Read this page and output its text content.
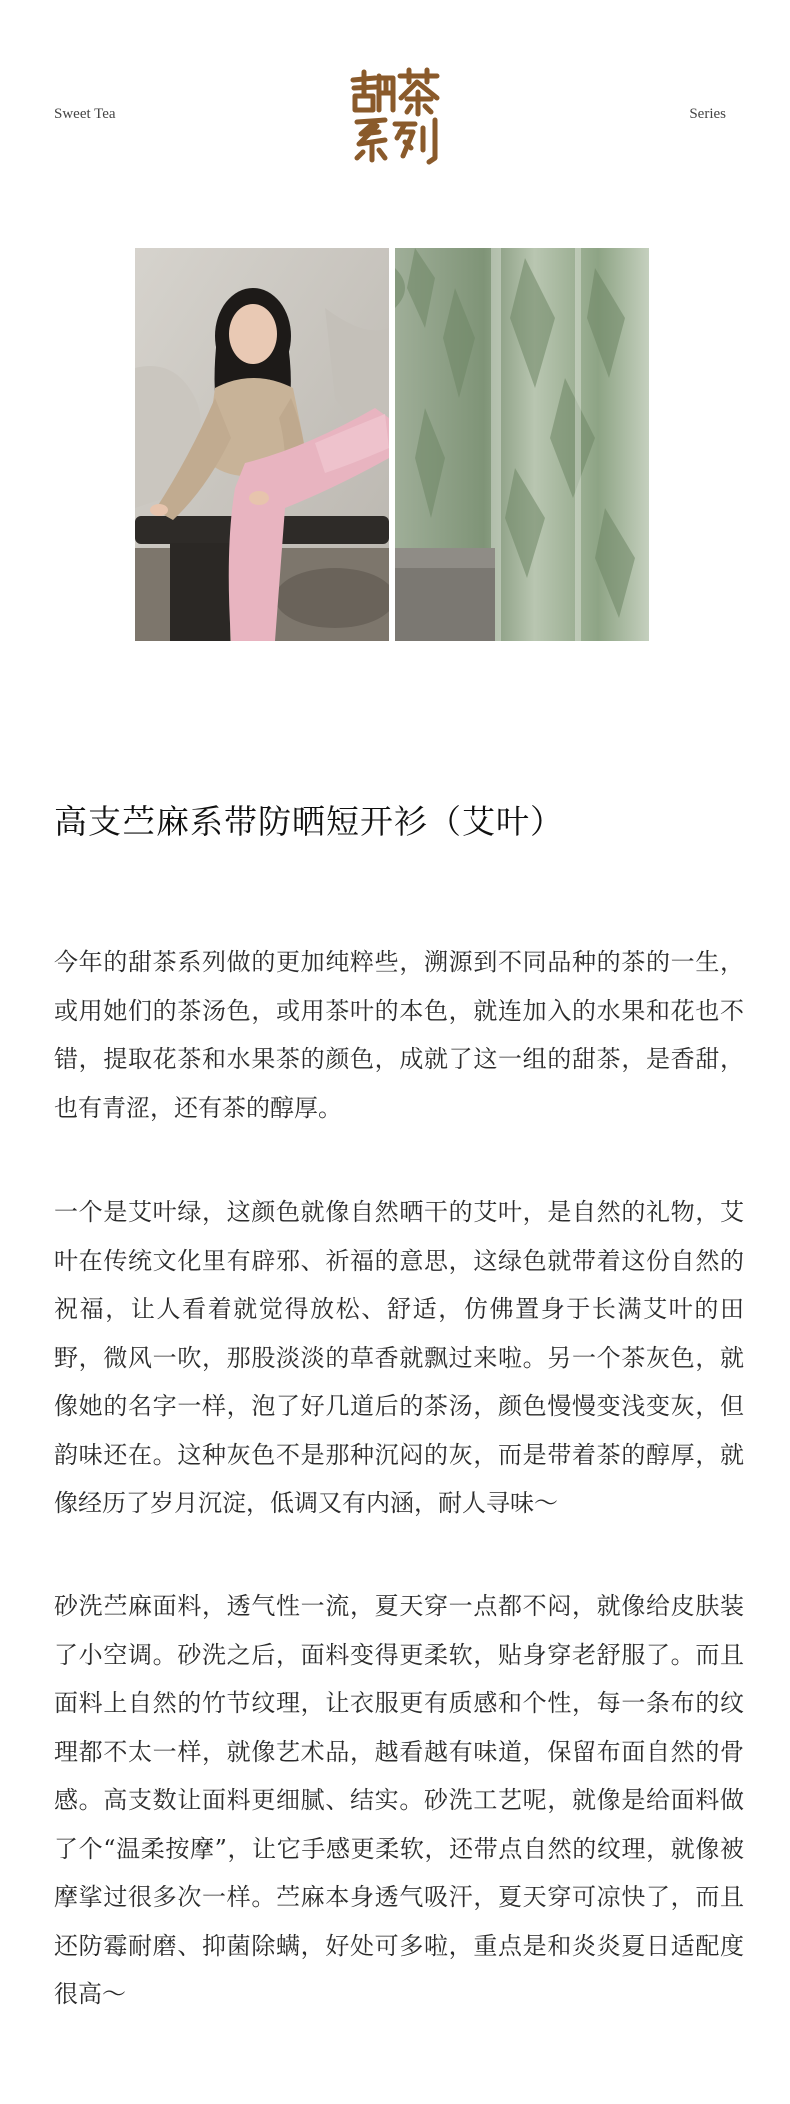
Sweet Tea	Series
高支苎麻系带防晒短开衫（艾叶）

今年的甜茶系列做的更加纯粹些，溯源到不同品种的茶的一生，或用她们的茶汤色，或用茶叶的本色，就连加入的水果和花也不错，提取花茶和水果茶的颜色，成就了这一组的甜茶，是香甜，也有青涩，还有茶的醇厚。

一个是艾叶绿，这颜色就像自然晒干的艾叶，是自然的礼物，艾叶在传统文化里有辟邪、祈福的意思，这绿色就带着这份自然的祝福，让人看着就觉得放松、舒适，仿佛置身于长满艾叶的田野，微风一吹，那股淡淡的草香就飘过来啦。另一个茶灰色，就像她的名字一样，泡了好几道后的茶汤，颜色慢慢变浅变灰，但韵味还在。这种灰色不是那种沉闷的灰，而是带着茶的醇厚，就像经历了岁月沉淀，低调又有内涵，耐人寻味～

砂洗苎麻面料，透气性一流，夏天穿一点都不闷，就像给皮肤装了小空调。砂洗之后，面料变得更柔软，贴身穿老舒服了。而且面料上自然的竹节纹理，让衣服更有质感和个性，每一条布的纹理都不太一样，就像艺术品，越看越有味道，保留布面自然的骨感。高支数让面料更细腻、结实。砂洗工艺呢，就像是给面料做了个“温柔按摩”，让它手感更柔软，还带点自然的纹理，就像被摩挲过很多次一样。苎麻本身透气吸汗，夏天穿可凉快了，而且还防霉耐磨、抑菌除螨，好处可多啦，重点是和炎炎夏日适配度很高～
